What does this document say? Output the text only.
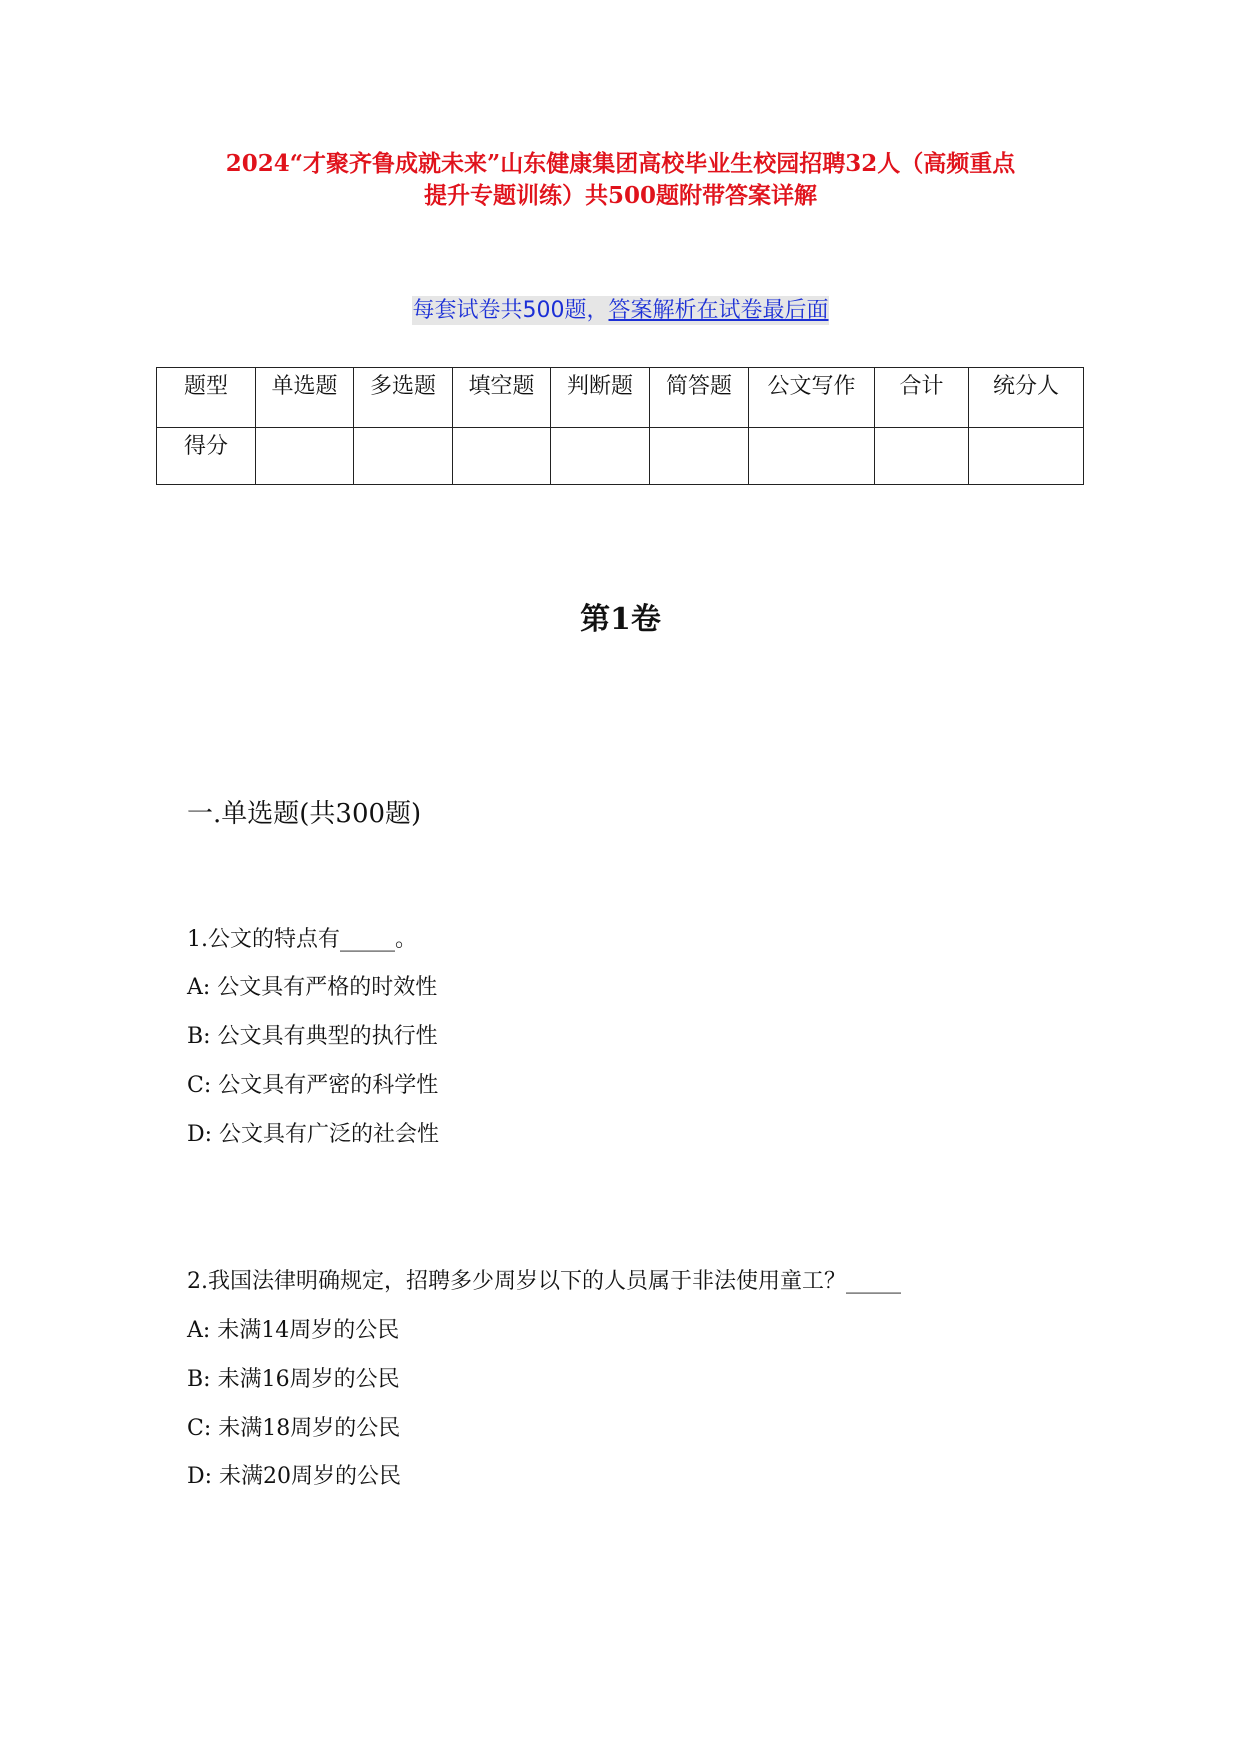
2024“才聚齐鲁成就未来”山东健康集团高校毕业生校园招聘32人（高频重点
提升专题训练）共500题附带答案详解
每套试卷共500题，答案解析在试卷最后面
题型	单选题	多选题	填空题	判断题	简答题	公文写作	合计	统分人
得分								
第1卷
一.单选题(共300题)
1.公文的特点有_____。
A: 公文具有严格的时效性
B: 公文具有典型的执行性
C: 公文具有严密的科学性
D: 公文具有广泛的社会性
2.我国法律明确规定，招聘多少周岁以下的人员属于非法使用童工？_____
A: 未满14周岁的公民
B: 未满16周岁的公民
C: 未满18周岁的公民
D: 未满20周岁的公民
